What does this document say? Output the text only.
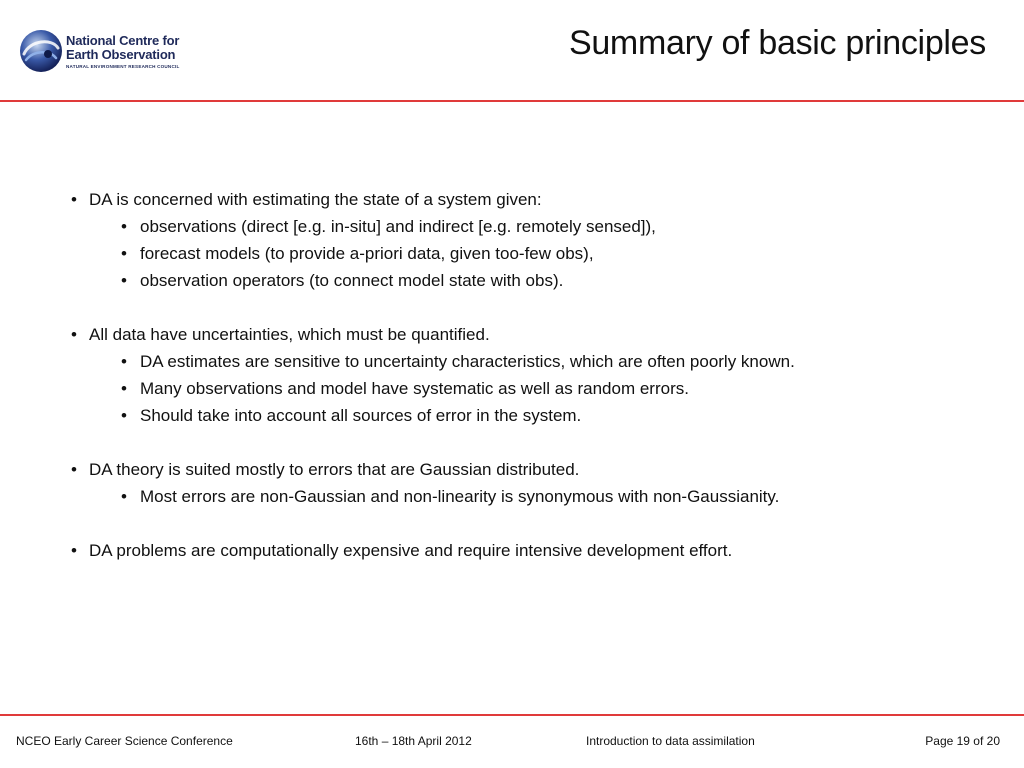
National Centre for
Earth Observation
NATURAL ENVIRONMENT RESEARCH COUNCIL
Summary of basic principles
• DA is concerned with estimating the state of a system given:
• observations (direct [e.g. in-situ] and indirect [e.g. remotely sensed]),
• forecast models (to provide a-priori data, given too-few obs),
• observation operators (to connect model state with obs).
• All data have uncertainties, which must be quantified.
• DA estimates are sensitive to uncertainty characteristics, which are often poorly known.
• Many observations and model have systematic as well as random errors.
• Should take into account all sources of error in the system.
• DA theory is suited mostly to errors that are Gaussian distributed.
• Most errors are non-Gaussian and non-linearity is synonymous with non-Gaussianity.
• DA problems are computationally expensive and require intensive development effort.
NCEO Early Career Science Conference	16th – 18th April 2012	Introduction to data assimilation	Page 19 of 20
